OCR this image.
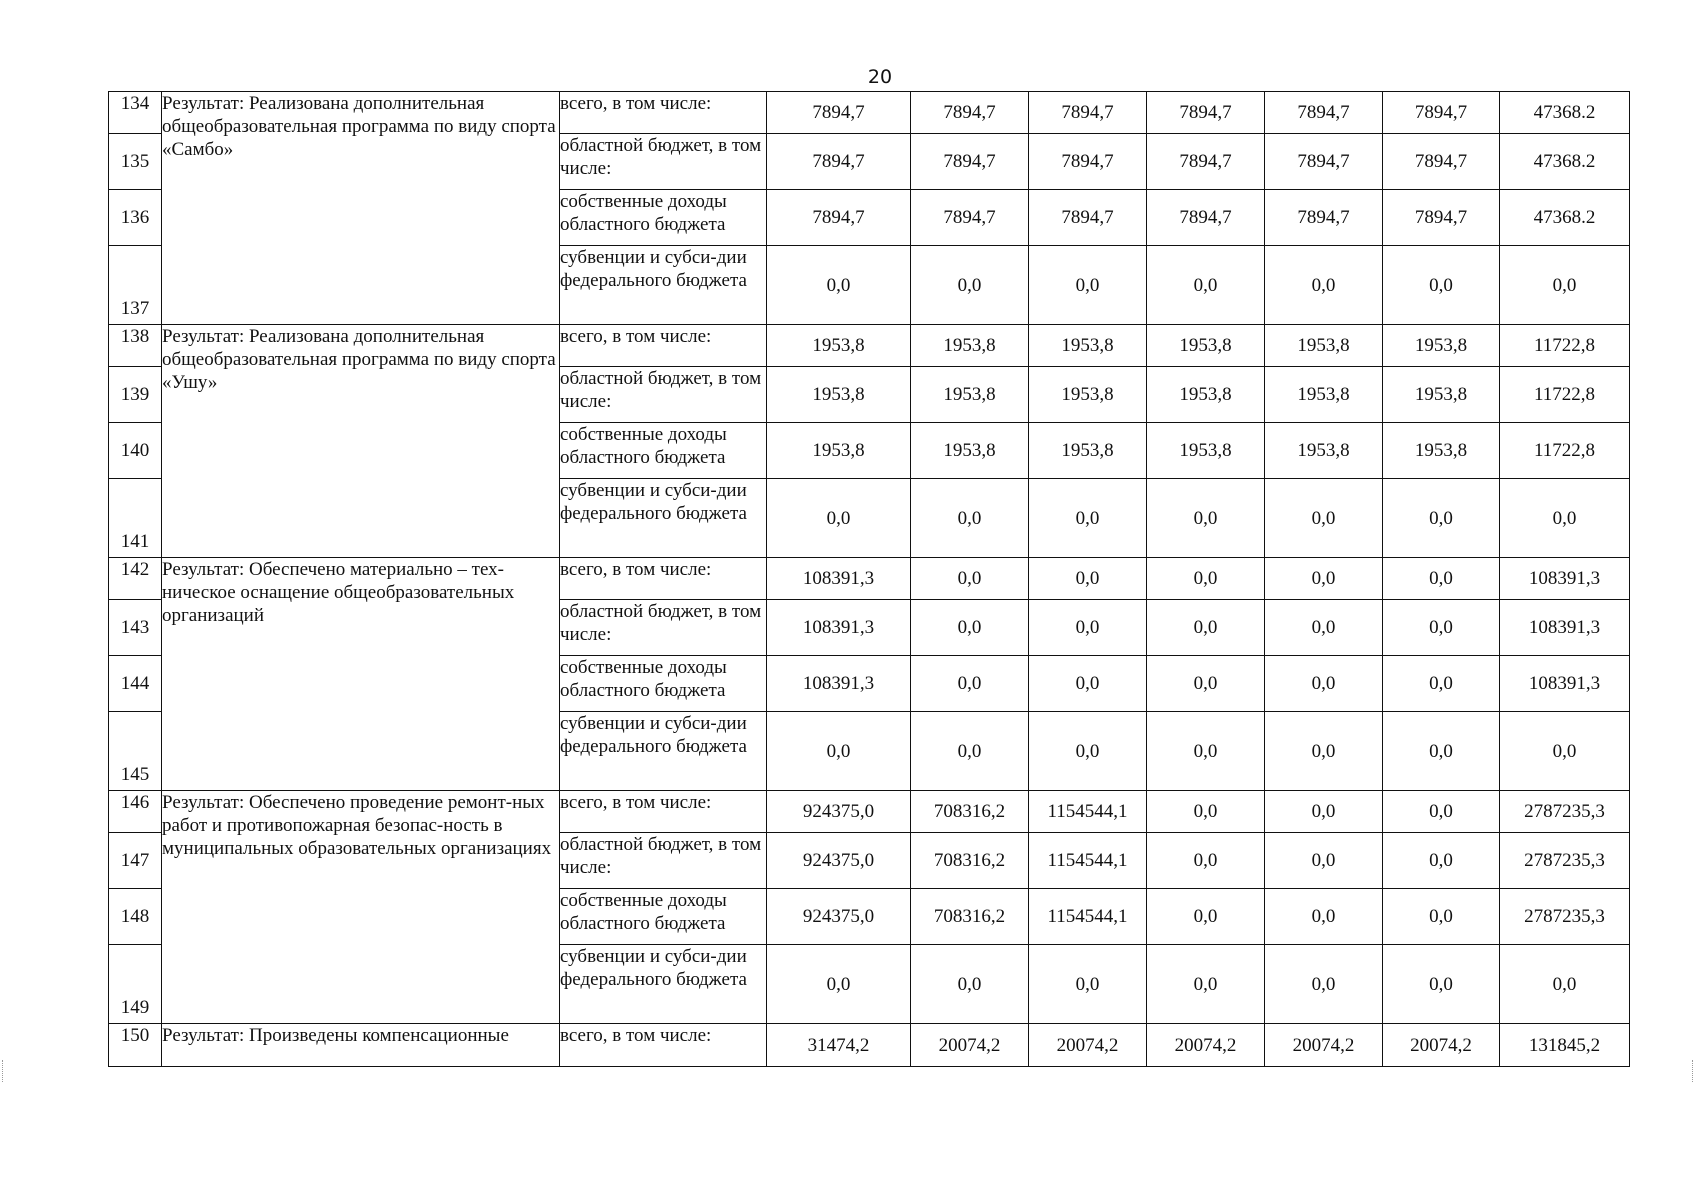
20
134	Результат: Реализована дополнительная общеобразовательная программа по виду спорта «Самбо»	всего, в том числе:	7894,7	7894,7	7894,7	7894,7	7894,7	7894,7	47368.2
135		областной бюджет, в том числе:	7894,7	7894,7	7894,7	7894,7	7894,7	7894,7	47368.2
136		собственные доходы областного бюджета	7894,7	7894,7	7894,7	7894,7	7894,7	7894,7	47368.2
137		субвенции и субси-дии федерального бюджета	0,0	0,0	0,0	0,0	0,0	0,0	0,0
138	Результат: Реализована дополнительная общеобразовательная программа по виду спорта «Ушу»	всего, в том числе:	1953,8	1953,8	1953,8	1953,8	1953,8	1953,8	11722,8
139		областной бюджет, в том числе:	1953,8	1953,8	1953,8	1953,8	1953,8	1953,8	11722,8
140		собственные доходы областного бюджета	1953,8	1953,8	1953,8	1953,8	1953,8	1953,8	11722,8
141		субвенции и субси-дии федерального бюджета	0,0	0,0	0,0	0,0	0,0	0,0	0,0
142	Результат: Обеспечено материально – тех-ническое оснащение общеобразовательных организаций	всего, в том числе:	108391,3	0,0	0,0	0,0	0,0	0,0	108391,3
143		областной бюджет, в том числе:	108391,3	0,0	0,0	0,0	0,0	0,0	108391,3
144		собственные доходы областного бюджета	108391,3	0,0	0,0	0,0	0,0	0,0	108391,3
145		субвенции и субси-дии федерального бюджета	0,0	0,0	0,0	0,0	0,0	0,0	0,0
146	Результат: Обеспечено проведение ремонт-ных работ и противопожарная безопас-ность в муниципальных образовательных организациях	всего, в том числе:	924375,0	708316,2	1154544,1	0,0	0,0	0,0	2787235,3
147		областной бюджет, в том числе:	924375,0	708316,2	1154544,1	0,0	0,0	0,0	2787235,3
148		собственные доходы областного бюджета	924375,0	708316,2	1154544,1	0,0	0,0	0,0	2787235,3
149		субвенции и субси-дии федерального бюджета	0,0	0,0	0,0	0,0	0,0	0,0	0,0
150	Результат: Произведены компенсационные	всего, в том числе:	31474,2	20074,2	20074,2	20074,2	20074,2	20074,2	131845,2
